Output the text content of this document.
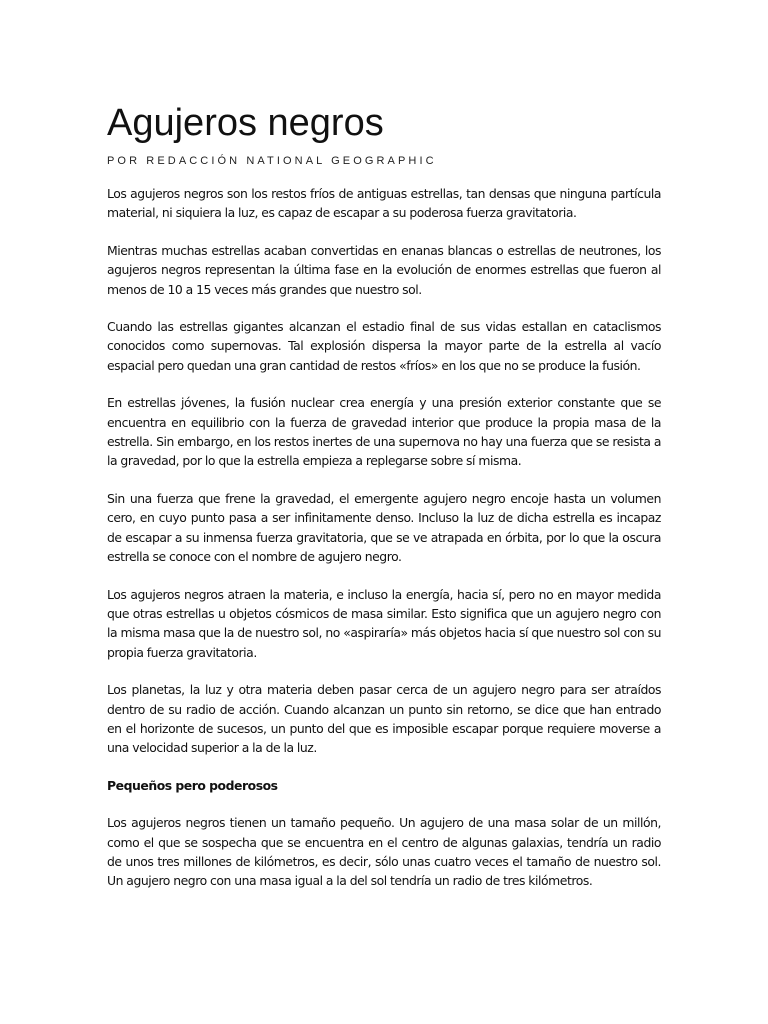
Agujeros negros
POR REDACCIÓN NATIONAL GEOGRAPHIC

Los agujeros negros son los restos fríos de antiguas estrellas, tan densas que ninguna partícula material, ni siquiera la luz, es capaz de escapar a su poderosa fuerza gravitatoria.

Mientras muchas estrellas acaban convertidas en enanas blancas o estrellas de neutrones, los agujeros negros representan la última fase en la evolución de enormes estrellas que fueron al menos de 10 a 15 veces más grandes que nuestro sol.

Cuando las estrellas gigantes alcanzan el estadio final de sus vidas estallan en cataclismos conocidos como supernovas. Tal explosión dispersa la mayor parte de la estrella al vacío espacial pero quedan una gran cantidad de restos «fríos» en los que no se produce la fusión.

En estrellas jóvenes, la fusión nuclear crea energía y una presión exterior constante que se encuentra en equilibrio con la fuerza de gravedad interior que produce la propia masa de la estrella. Sin embargo, en los restos inertes de una supernova no hay una fuerza que se resista a la gravedad, por lo que la estrella empieza a replegarse sobre sí misma.

Sin una fuerza que frene la gravedad, el emergente agujero negro encoje hasta un volumen cero, en cuyo punto pasa a ser infinitamente denso. Incluso la luz de dicha estrella es incapaz de escapar a su inmensa fuerza gravitatoria, que se ve atrapada en órbita, por lo que la oscura estrella se conoce con el nombre de agujero negro.

Los agujeros negros atraen la materia, e incluso la energía, hacia sí, pero no en mayor medida que otras estrellas u objetos cósmicos de masa similar. Esto significa que un agujero negro con la misma masa que la de nuestro sol, no «aspiraría» más objetos hacia sí que nuestro sol con su propia fuerza gravitatoria.

Los planetas, la luz y otra materia deben pasar cerca de un agujero negro para ser atraídos dentro de su radio de acción. Cuando alcanzan un punto sin retorno, se dice que han entrado en el horizonte de sucesos, un punto del que es imposible escapar porque requiere moverse a una velocidad superior a la de la luz.

Pequeños pero poderosos

Los agujeros negros tienen un tamaño pequeño. Un agujero de una masa solar de un millón, como el que se sospecha que se encuentra en el centro de algunas galaxias, tendría un radio de unos tres millones de kilómetros, es decir, sólo unas cuatro veces el tamaño de nuestro sol. Un agujero negro con una masa igual a la del sol tendría un radio de tres kilómetros.
